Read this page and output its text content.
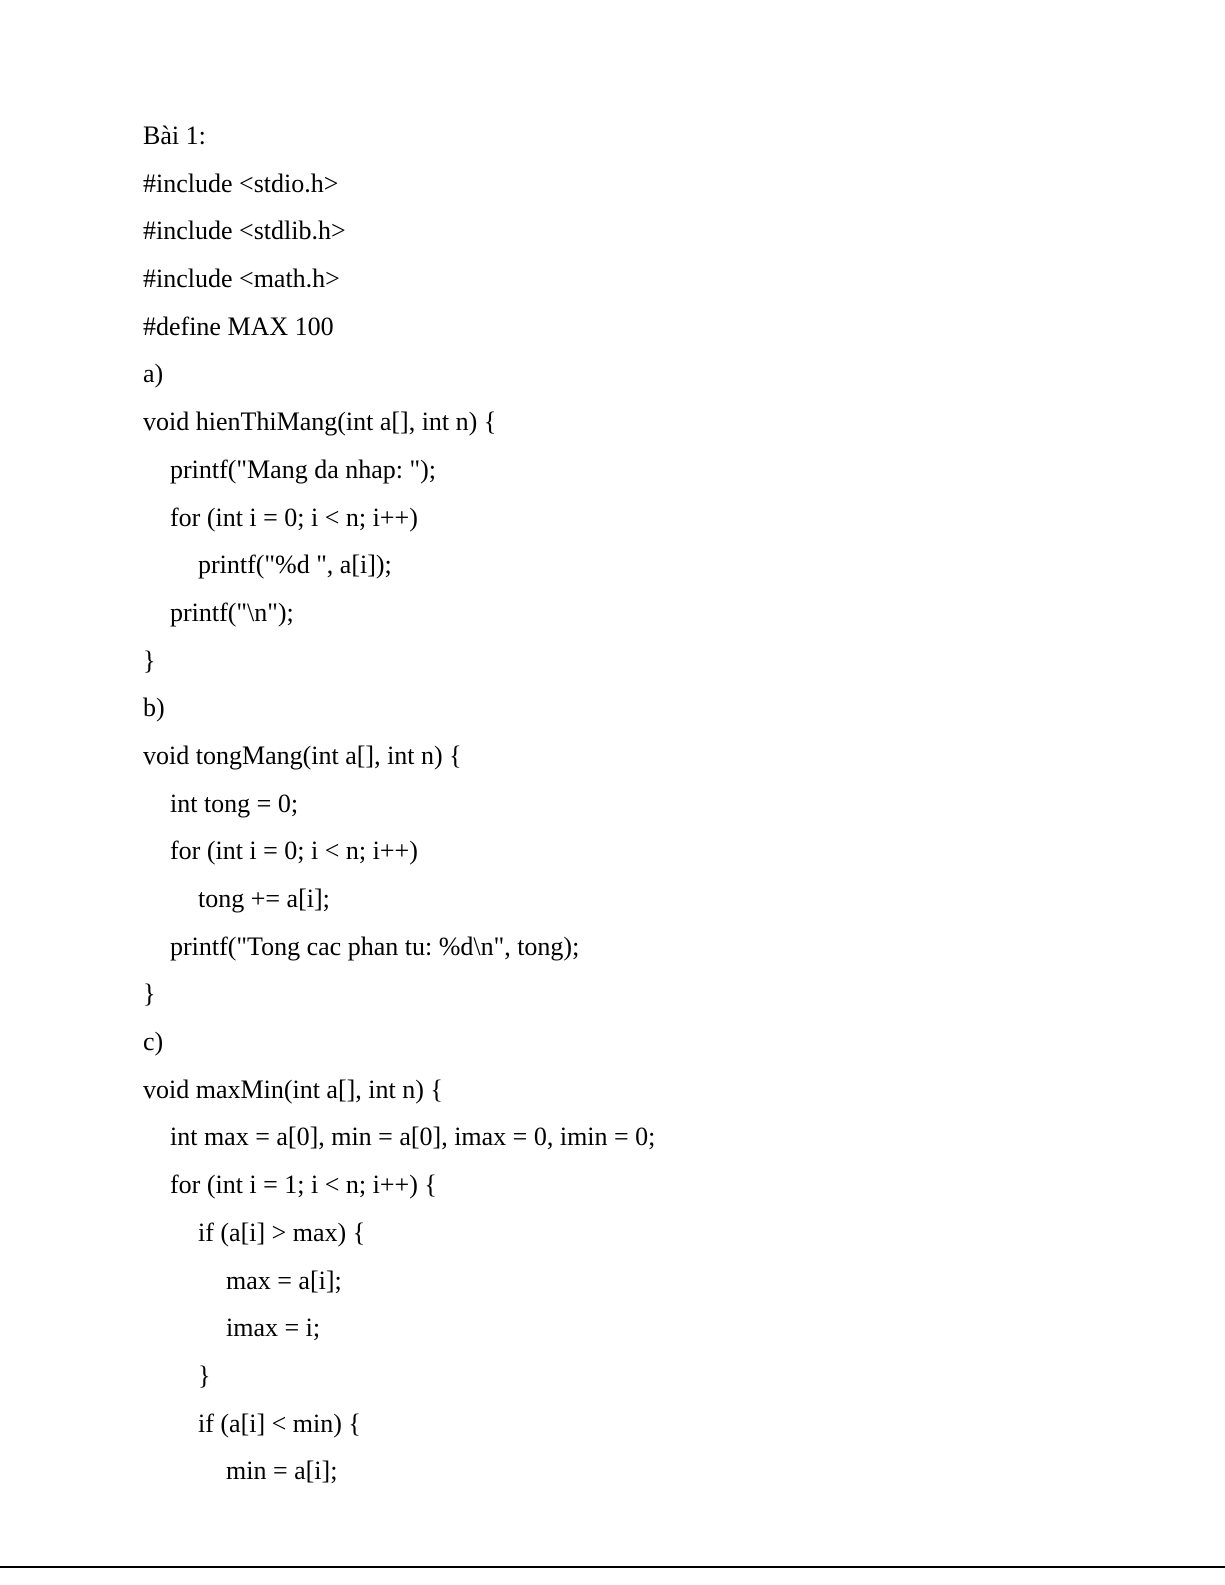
Bài 1:
#include <stdio.h>
#include <stdlib.h>
#include <math.h>
#define MAX 100
a)
void hienThiMang(int a[], int n) {
printf("Mang da nhap: ");
for (int i = 0; i < n; i++)
printf("%d ", a[i]);
printf("\n");
}
b)
void tongMang(int a[], int n) {
int tong = 0;
for (int i = 0; i < n; i++)
tong += a[i];
printf("Tong cac phan tu: %d\n", tong);
}
c)
void maxMin(int a[], int n) {
int max = a[0], min = a[0], imax = 0, imin = 0;
for (int i = 1; i < n; i++) {
if (a[i] > max) {
max = a[i];
imax = i;
}
if (a[i] < min) {
min = a[i];
